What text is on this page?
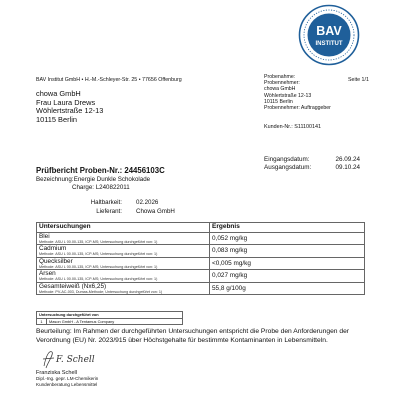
BAV
INSTITUT
BAV Institut GmbH • H.-M.-Schleyer-Str. 25 • 77656 Offenburg	Seite 1/1
chowa GmbH
Frau Laura Drews
Wöhlertstraße 12-13
10115 Berlin
Probenahme:
Probennehmer:
chowa GmbH
Wöhlertstraße 12-13
10115 Berlin
Probennehmer: Auftraggeber
Kunden-Nr.: S11100141
Eingangsdatum:	26.09.24
Ausgangsdatum:	09.10.24
Prüfbericht Proben-Nr.: 24456103C
Bezeichnung: Energie Dunkle Schokolade
Charge: L240822011
Haltbarkeit: 02.2026
Lieferant: Chowa GmbH
Untersuchungen	Ergebnis

Blei
Methode: ASU L 00.00-135, ICP-MS; Untersuchung durchgeführt von: 1)	0,052 mg/kg

Cadmium
Methode: ASU L 00.00-135, ICP-MS; Untersuchung durchgeführt von: 1)	0,083 mg/kg

Quecksilber
Methode: ASU L 00.00-135, ICP-MS; Untersuchung durchgeführt von: 1)	<0,005 mg/kg

Arsen
Methode: ASU L 00.00-135, ICP-MS; Untersuchung durchgeführt von: 1)	0,027 mg/kg

Gesamteiweiß (Nx6,25)
Methode: PV-AC-003, Dumas-Methode; Untersuchung durchgeführt von: 1)	55,8 g/100g
Untersuchung durchgeführt von
1	Mason GmbH - A Tentamus Company
Beurteilung: Im Rahmen der durchgeführten Untersuchungen entspricht die Probe den Anforderungen der Verordnung (EU) Nr. 2023/915 über Höchstgehalte für bestimmte Kontaminanten in Lebensmitteln.
F. Schell
Franziska Schell
Dipl.-Ing. gepr. LM-Chemikerin
Kundenberatung Lebensmittel
